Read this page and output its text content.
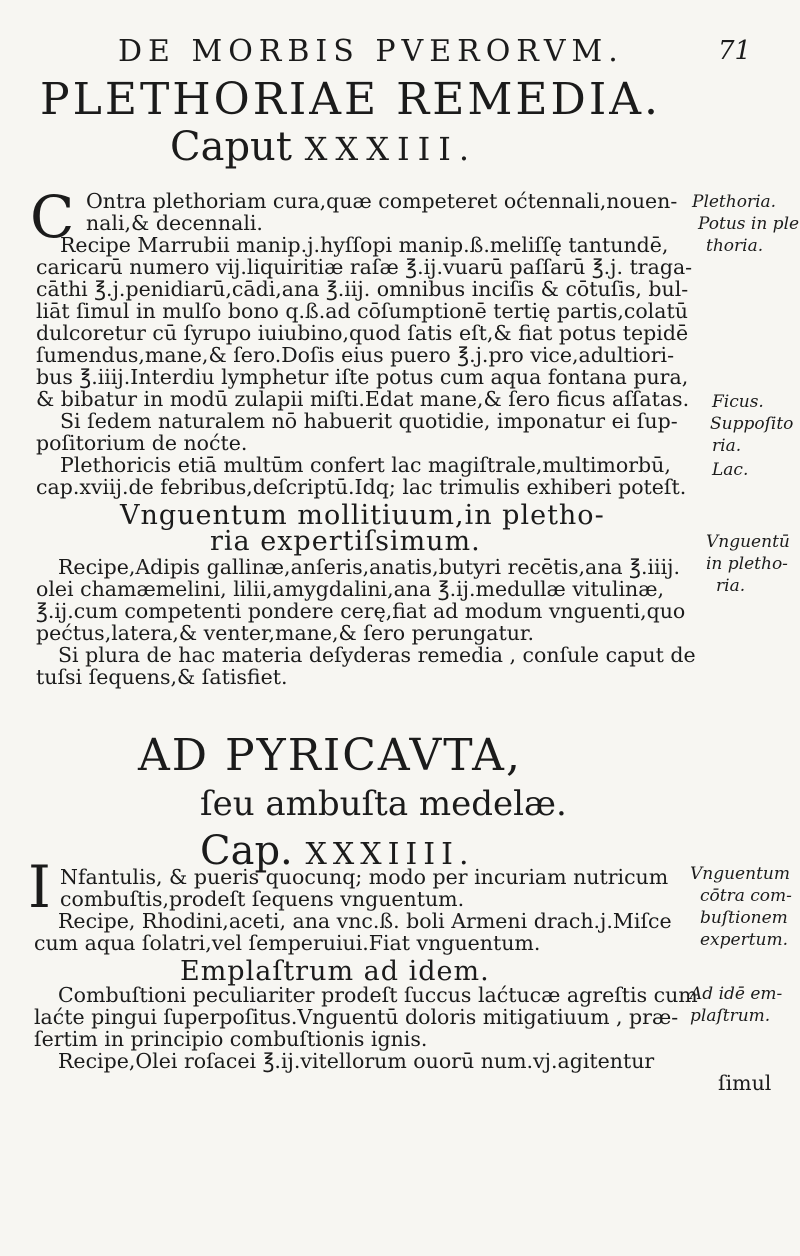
DE MORBIS PVERORVM.	71
PLETHORIAE REMEDIA.
Caput XXXIII.
C Ontra plethoriam cura,quæ competeret oćtennali,nouen-
nali,& decennali.
Recipe Marrubii manip.j.hyſſopi manip.ß.meliſſę tantundē,
caricarū numero vij.liquiritiæ raſæ ℥.ij.vuarū paſſarū ℥.j. traga-
cāthi ℥.j.penidiarū,cādi,ana ℥.iij. omnibus inciſis & cōtuſis, bul-
liāt ſimul in mulſo bono q.ß.ad cōſumptionē tertię partis,colatū
dulcoretur cū ſyrupo iuiubino,quod ſatis eſt,& fiat potus tepidē
ſumendus,mane,& ſero.Doſis eius puero ℥.j.pro vice,adultiori-
bus ℥.iiij.Interdiu lymphetur iſte potus cum aqua fontana pura,
& bibatur in modū zulapii miſti.Edat mane,& ſero ficus aſſatas.
Si ſedem naturalem nō habuerit quotidie, imponatur ei ſup-
poſitorium de noćte.
Plethoricis etiā multūm confert lac magiſtrale,multimorbū,
cap.xviij.de febribus,deſcriptū.Idq; lac trimulis exhiberi poteſt.
Vnguentum mollitiuum,in pletho-
ria expertiſsimum.
Recipe,Adipis gallinæ,anſeris,anatis,butyri recētis,ana ℥.iiij.
olei chamæmelini, lilii,amygdalini,ana ℥.ij.medullæ vitulinæ,
℥.ij.cum competenti pondere cerę,fiat ad modum vnguenti,quo
pećtus,latera,& venter,mane,& ſero perungatur.
Si plura de hac materia deſyderas remedia , conſule caput de
tuſsi ſequens,& ſatisfiet.
AD PYRICAVTA,
ſeu ambuſta medelæ.
Cap. XXXIIII.
I Nfantulis, & pueris quocunq; modo per incuriam nutricum
combuſtis,prodeſt ſequens vnguentum.
Recipe, Rhodini,aceti, ana vnc.ß. boli Armeni drach.j.Miſce
cum aqua ſolatri,vel ſemperuiui.Fiat vnguentum.
Emplaſtrum ad idem.
Combuſtioni peculiariter prodeſt ſuccus laćtucæ agreſtis cum
laćte pingui ſuperpoſitus.Vnguentū doloris mitigatiuum , præ-
ſertim in principio combuſtionis ignis.
Recipe,Olei roſacei ℥.ij.vitellorum ouorū num.vj.agitentur
ſimul
Plethoria.
Potus in ple
thoria.
Ficus.
Suppoſito
ria.
Lac.
Vnguentū
in pletho-
ria.
Vnguentum
cōtra com-
buſtionem
expertum.
Ad idē em-
plaſtrum.
